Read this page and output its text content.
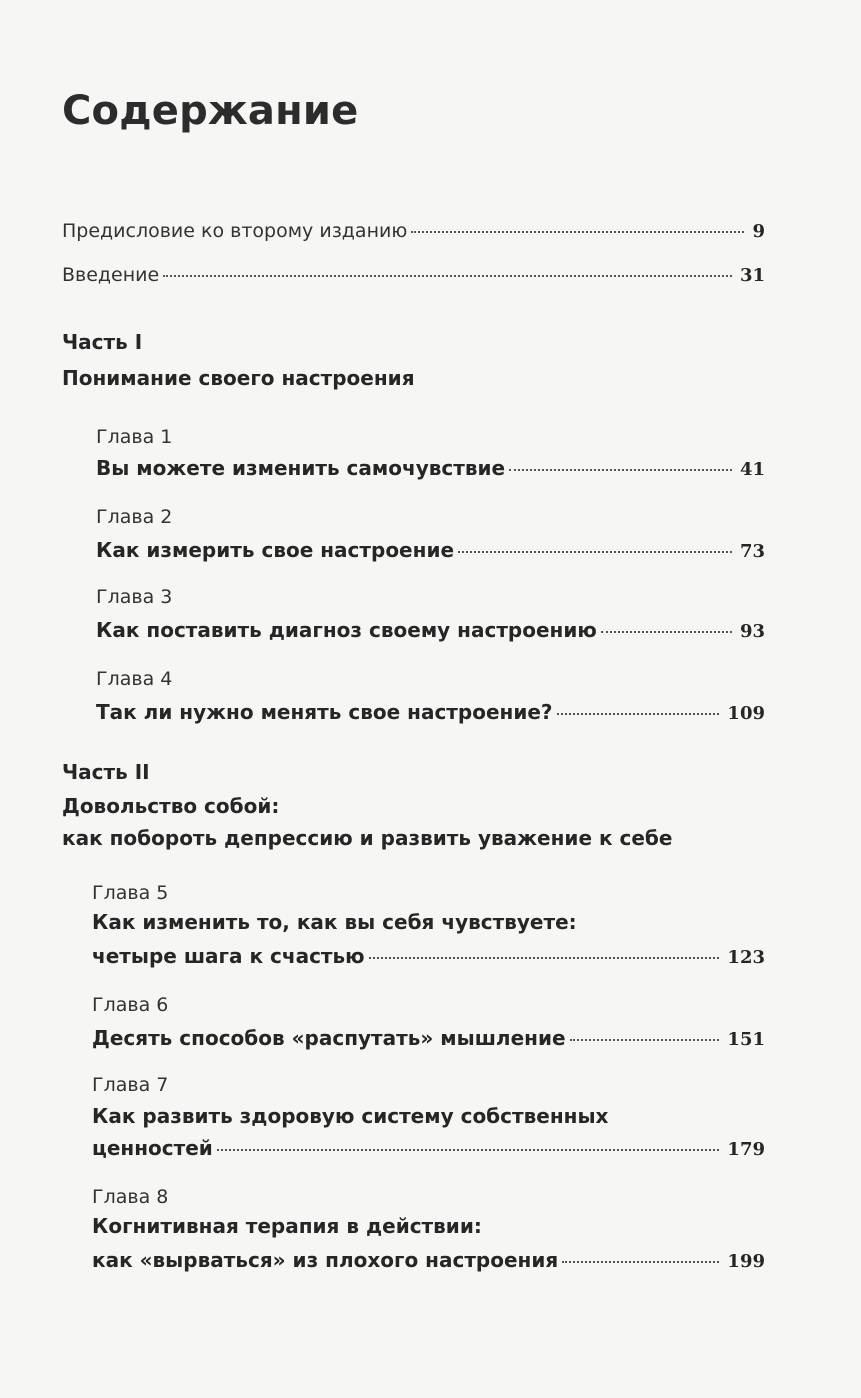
Содержание
Предисловие ко второму изданию	9
Введение	31
Часть I
Понимание своего настроения
Глава 1
Вы можете изменить самочувствие	41
Глава 2
Как измерить свое настроение	73
Глава 3
Как поставить диагноз своему настроению	93
Глава 4
Так ли нужно менять свое настроение?	109
Часть II
Довольство собой:
как побороть депрессию и развить уважение к себе
Глава 5
Как изменить то, как вы себя чувствуете:
четыре шага к счастью	123
Глава 6
Десять способов «распутать» мышление	151
Глава 7
Как развить здоровую систему собственных
ценностей	179
Глава 8
Когнитивная терапия в действии:
как «вырваться» из плохого настроения	199
